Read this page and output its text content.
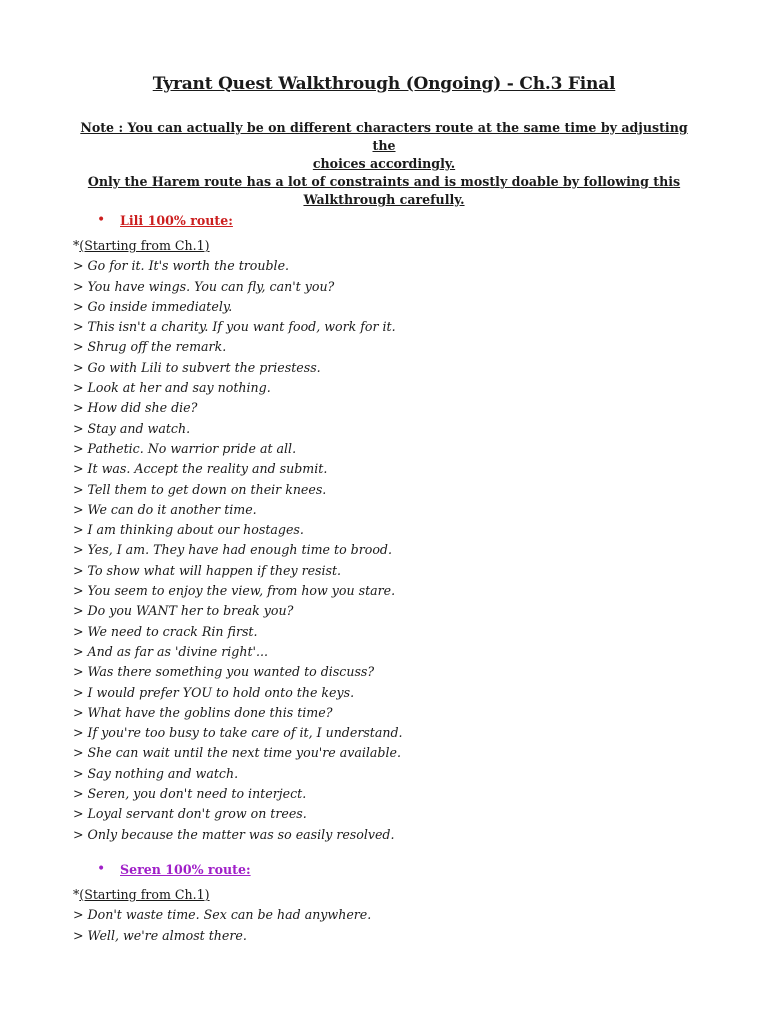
Tyrant Quest Walkthrough (Ongoing) - Ch.3 Final
Note : You can actually be on different characters route at the same time by adjusting the
choices accordingly.
Only the Harem route has a lot of constraints and is mostly doable by following this
Walkthrough carefully.
• Lili 100% route:
*(Starting from Ch.1)
> Go for it. It's worth the trouble.
> You have wings. You can fly, can't you?
> Go inside immediately.
> This isn't a charity. If you want food, work for it.
> Shrug off the remark.
> Go with Lili to subvert the priestess.
> Look at her and say nothing.
> How did she die?
> Stay and watch.
> Pathetic. No warrior pride at all.
> It was. Accept the reality and submit.
> Tell them to get down on their knees.
> We can do it another time.
> I am thinking about our hostages.
> Yes, I am. They have had enough time to brood.
> To show what will happen if they resist.
> You seem to enjoy the view, from how you stare.
> Do you WANT her to break you?
> We need to crack Rin first.
> And as far as 'divine right'...
> Was there something you wanted to discuss?
> I would prefer YOU to hold onto the keys.
> What have the goblins done this time?
> If you're too busy to take care of it, I understand.
> She can wait until the next time you're available.
> Say nothing and watch.
> Seren, you don't need to interject.
> Loyal servant don't grow on trees.
> Only because the matter was so easily resolved.
• Seren 100% route:
*(Starting from Ch.1)
> Don't waste time. Sex can be had anywhere.
> Well, we're almost there.
